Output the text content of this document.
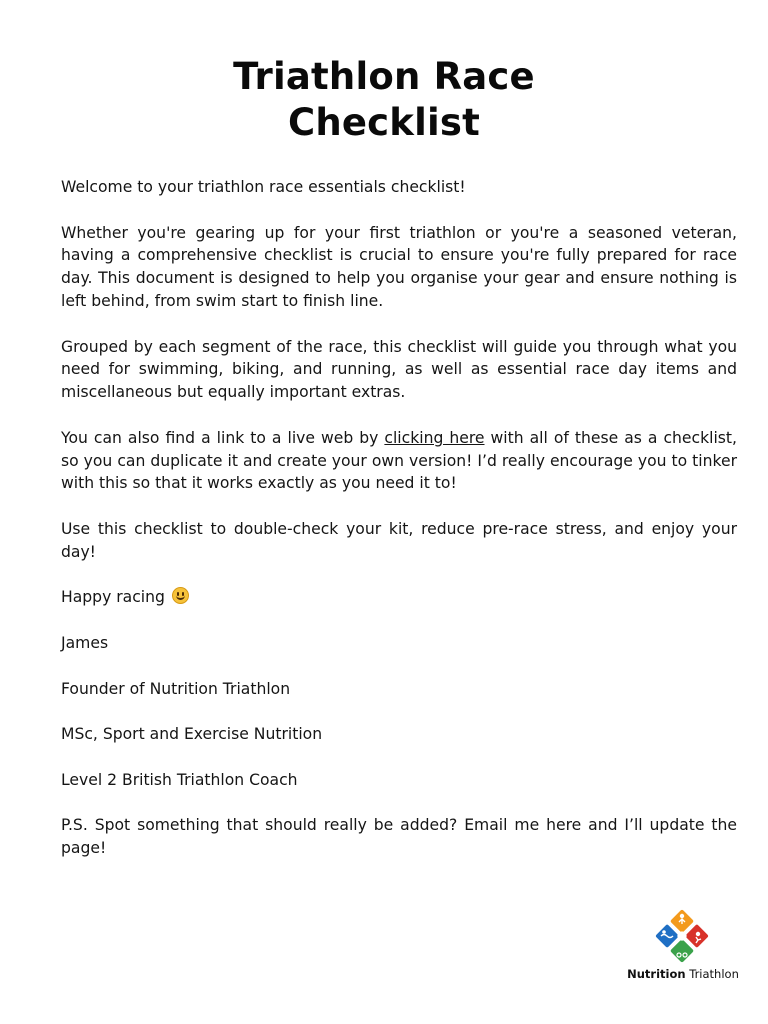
Triathlon Race
Checklist

Welcome to your triathlon race essentials checklist!

Whether you're gearing up for your first triathlon or you're a seasoned veteran, having a comprehensive checklist is crucial to ensure you're fully prepared for race day. This document is designed to help you organise your gear and ensure nothing is left behind, from swim start to finish line.

Grouped by each segment of the race, this checklist will guide you through what you need for swimming, biking, and running, as well as essential race day items and miscellaneous but equally important extras.

You can also find a link to a live web by clicking here with all of these as a checklist, so you can duplicate it and create your own version! I’d really encourage you to tinker with this so that it works exactly as you need it to!

Use this checklist to double-check your kit, reduce pre-race stress, and enjoy your day!

Happy racing

James

Founder of Nutrition Triathlon

MSc, Sport and Exercise Nutrition

Level 2 British Triathlon Coach

P.S. Spot something that should really be added? Email me here and I’ll update the page!

Nutrition Triathlon
